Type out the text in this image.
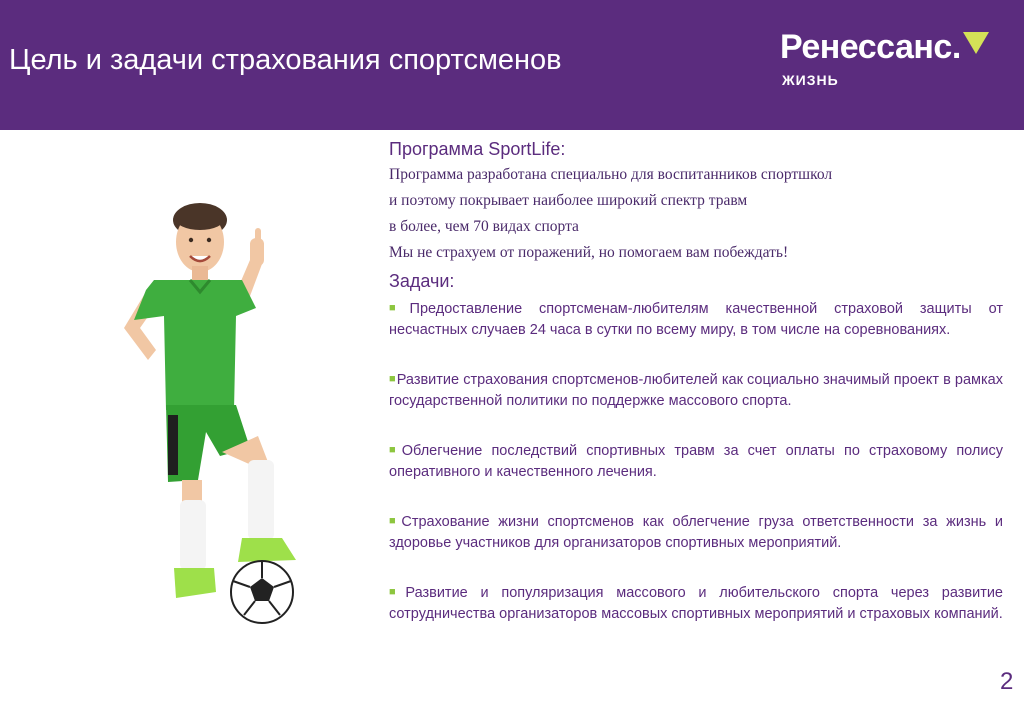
Цель и задачи страхования спортсменов	Ренессанс.
ЖИЗНЬ
Программа SportLife:
Программа разработана специально для воспитанников спортшкол
и поэтому покрывает наиболее широкий спектр травм
в более, чем 70 видах спорта
Мы не страхуем от поражений, но помогаем вам побеждать!
Задачи:

■Предоставление спортсменам-любителям качественной страховой защиты от несчастных случаев 24 часа в сутки по всему миру, в том числе на соревнованиях.

■Развитие страхования спортсменов-любителей как социально значимый проект в рамках государственной политики по поддержке массового спорта.

■Облегчение последствий спортивных травм за счет оплаты по страховому полису оперативного и качественного лечения.

■Страхование жизни спортсменов как облегчение груза ответственности за жизнь и здоровье участников для организаторов спортивных мероприятий.

■Развитие и популяризация массового и любительского спорта через развитие сотрудничества организаторов массовых спортивных мероприятий и страховых компаний.

2
